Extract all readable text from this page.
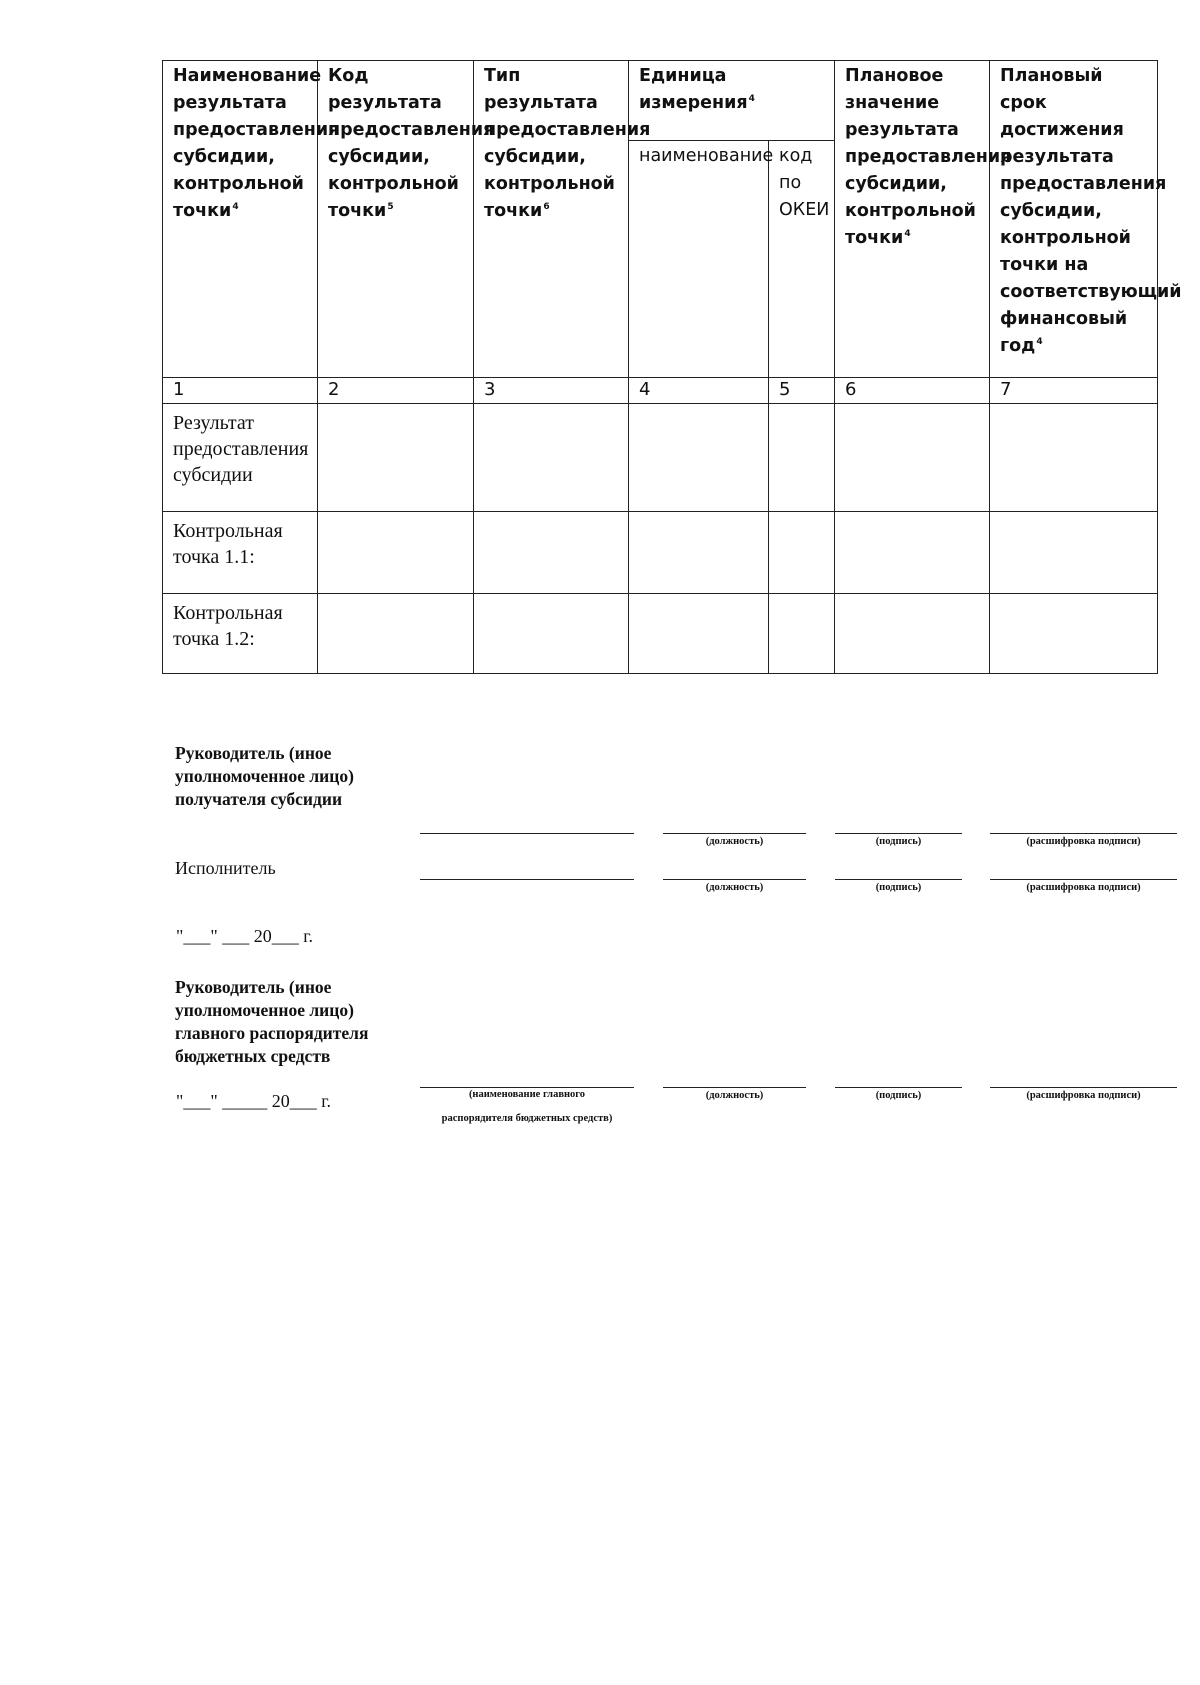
Наименование результата предоставления субсидии, контрольной точки$^4$	Код результата предоставления субсидии, контрольной точки$^5$	Тип результата предоставления субсидии, контрольной точки$^6$	Единица измерения$^4$		Плановое значение результата предоставления субсидии, контрольной точки$^4$	Плановый срок достижения результата предоставления субсидии, контрольной точки на соответствующий финансовый год$^4$
			наименование	код по ОКЕИ		
1	2	3	4	5	6	7
Результат предоставления субсидии						
Контрольная точка 1.1:						
Контрольная точка 1.2:						
Руководитель (иное уполномоченное лицо) получателя субсидии
(должность)	(подпись)	(расшифровка подписи)
Исполнитель
(должность)	(подпись)	(расшифровка подписи)
"___" ___ 20___ г.
Руководитель (иное уполномоченное лицо) главного распорядителя бюджетных средств
"___" _____ 20___ г.	(наименование главного распорядителя бюджетных средств)
(должность)	(подпись)	(расшифровка подписи)
